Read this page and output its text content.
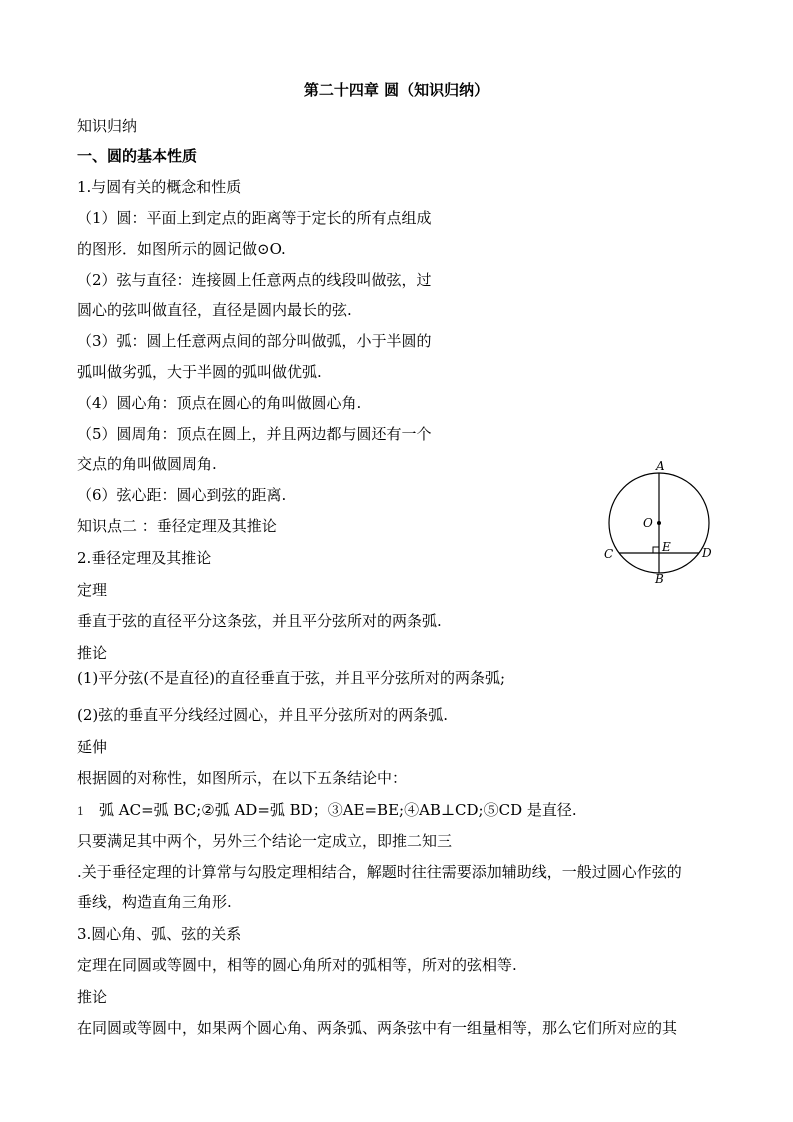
第二十四章 圆（知识归纳）
知识归纳
一、圆的基本性质
1.与圆有关的概念和性质
（1）圆：平面上到定点的距离等于定长的所有点组成
的图形．如图所示的圆记做⊙O.
（2）弦与直径：连接圆上任意两点的线段叫做弦，过
圆心的弦叫做直径，直径是圆内最长的弦.
（3）弧：圆上任意两点间的部分叫做弧，小于半圆的
弧叫做劣弧，大于半圆的弧叫做优弧.
（4）圆心角：顶点在圆心的角叫做圆心角.
（5）圆周角：顶点在圆上，并且两边都与圆还有一个
交点的角叫做圆周角.
（6）弦心距：圆心到弦的距离.
知识点二 ：垂径定理及其推论
2.垂径定理及其推论
定理
垂直于弦的直径平分这条弦，并且平分弦所对的两条弧.
推论
(1)平分弦(不是直径)的直径垂直于弦，并且平分弦所对的两条弧;
(2)弦的垂直平分线经过圆心，并且平分弦所对的两条弧.
延伸
根据圆的对称性，如图所示，在以下五条结论中：
1 弧 AC=弧 BC;②弧 AD=弧 BD；③AE=BE;④AB⊥CD;⑤CD 是直径.
只要满足其中两个，另外三个结论一定成立，即推二知三
.关于垂径定理的计算常与勾股定理相结合，解题时往往需要添加辅助线，一般过圆心作弦的
垂线，构造直角三角形.
3.圆心角、弧、弦的关系
定理在同圆或等圆中，相等的圆心角所对的弧相等，所对的弦相等.
推论
在同圆或等圆中，如果两个圆心角、两条弧、两条弦中有一组量相等，那么它们所对应的其
A
O
E
C	D
B
